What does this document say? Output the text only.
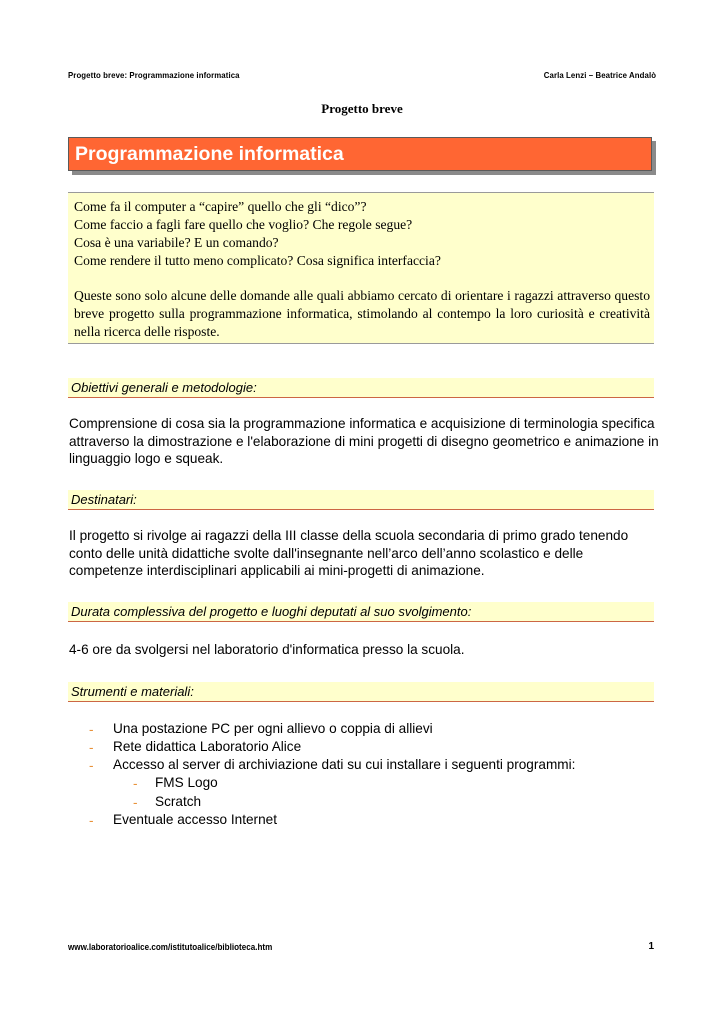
Progetto breve: Programmazione informatica	Carla Lenzi – Beatrice Andalò
Progetto breve
Programmazione informatica
Come fa il computer a “capire” quello che gli “dico”?
Come faccio a fagli fare quello che voglio? Che regole segue?
Cosa è una variabile? E un comando?
Come rendere il tutto meno complicato? Cosa significa interfaccia?
Queste sono solo alcune delle domande alle quali abbiamo cercato di orientare i ragazzi attraverso questo breve progetto sulla programmazione informatica, stimolando al contempo la loro curiosità e creatività nella ricerca delle risposte.
Obiettivi generali e metodologie:
Comprensione di cosa sia la programmazione informatica e acquisizione di terminologia specifica attraverso la dimostrazione e l'elaborazione di mini progetti di disegno geometrico e animazione in linguaggio logo e squeak.
Destinatari:
Il progetto si rivolge ai ragazzi della III classe della scuola secondaria di primo grado tenendo conto delle unità didattiche svolte dall'insegnante nell’arco dell’anno scolastico e delle competenze interdisciplinari applicabili ai mini-progetti di animazione.
Durata complessiva del progetto e luoghi deputati al suo svolgimento:
4-6 ore da svolgersi nel laboratorio d'informatica presso la scuola.
Strumenti e materiali:
- Una postazione PC per ogni allievo o coppia di allievi
- Rete didattica Laboratorio Alice
- Accesso al server di archiviazione dati su cui installare i seguenti programmi:
- FMS Logo
- Scratch
- Eventuale accesso Internet
www.laboratorioalice.com/istitutoalice/biblioteca.htm	1
